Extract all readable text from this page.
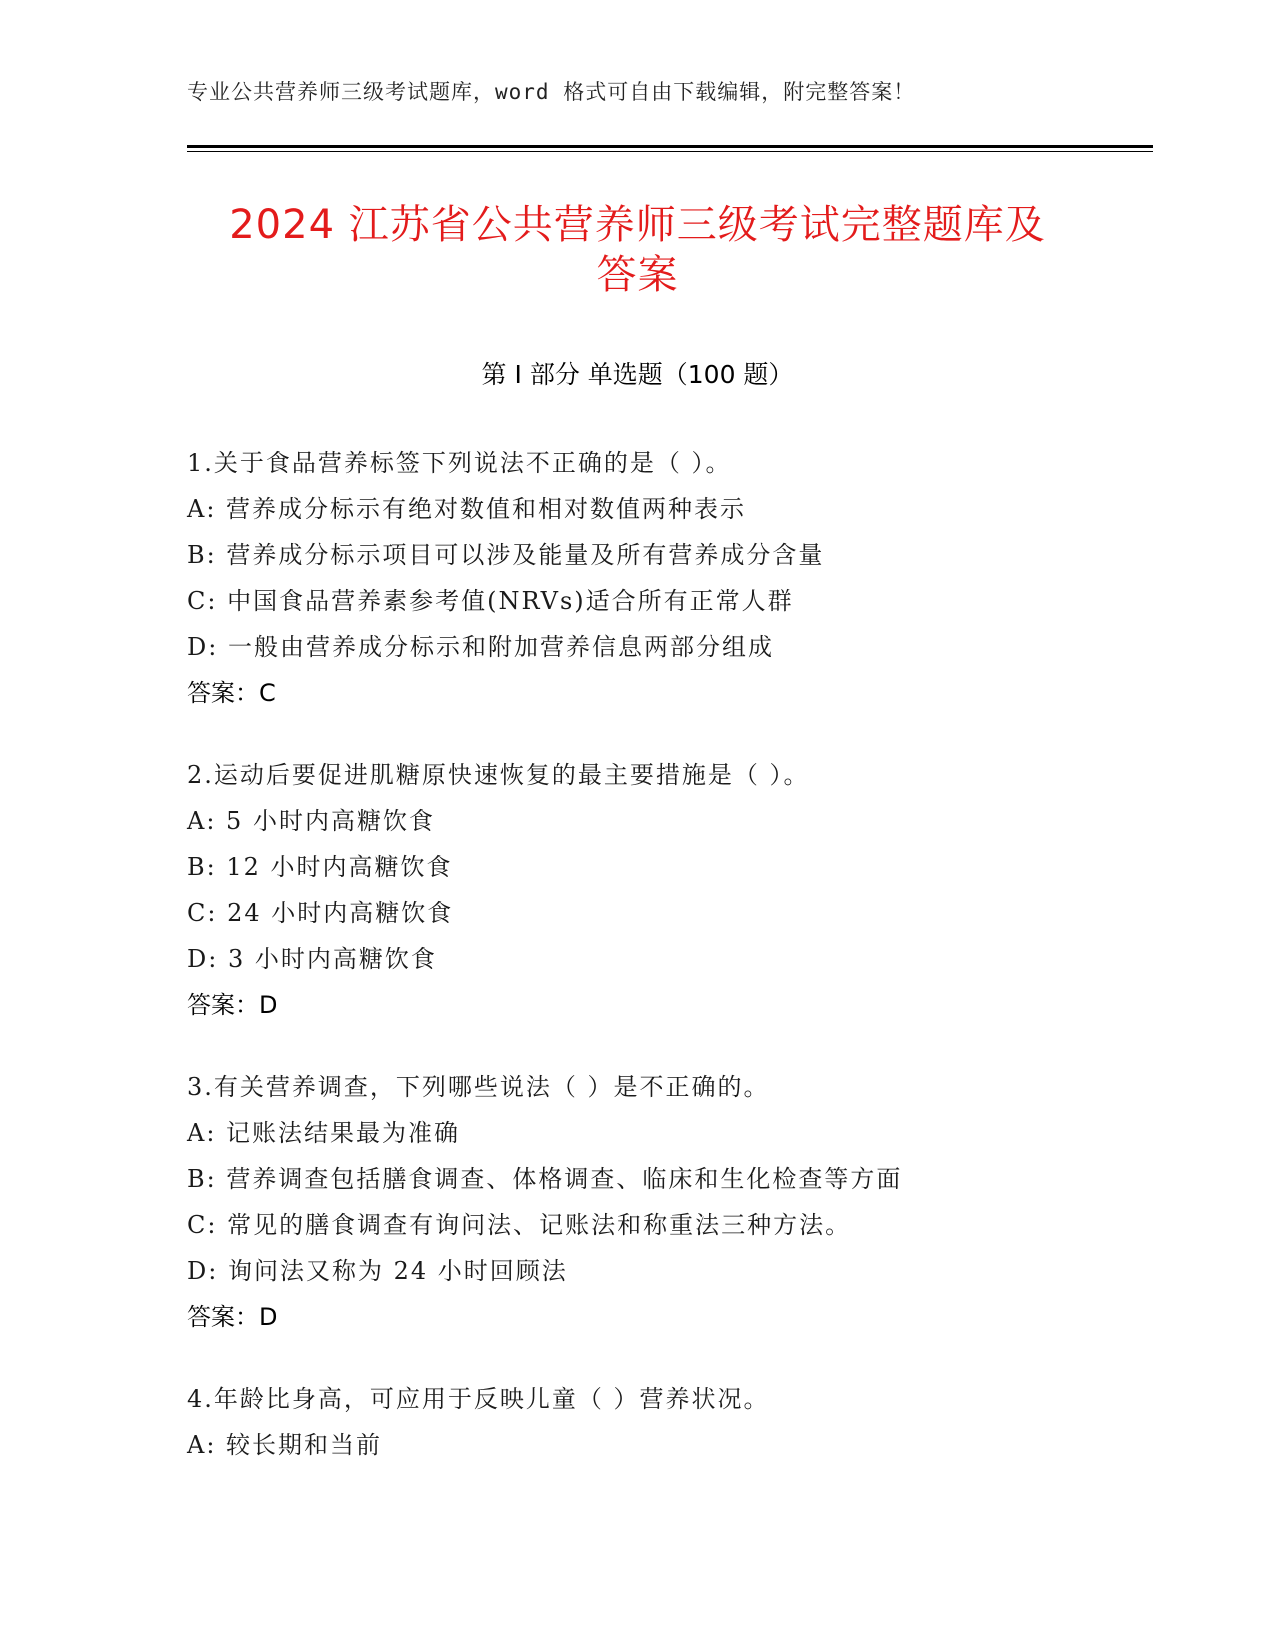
专业公共营养师三级考试题库，word 格式可自由下载编辑，附完整答案！
2024 江苏省公共营养师三级考试完整题库及
答案
第 I 部分 单选题（100 题）
1.关于食品营养标签下列说法不正确的是（ ）。
A: 营养成分标示有绝对数值和相对数值两种表示
B: 营养成分标示项目可以涉及能量及所有营养成分含量
C: 中国食品营养素参考值(NRVs)适合所有正常人群
D: 一般由营养成分标示和附加营养信息两部分组成
答案：C
2.运动后要促进肌糖原快速恢复的最主要措施是（ ）。
A: 5 小时内高糖饮食
B: 12 小时内高糖饮食
C: 24 小时内高糖饮食
D: 3 小时内高糖饮食
答案：D
3.有关营养调查，下列哪些说法（ ）是不正确的。
A: 记账法结果最为准确
B: 营养调查包括膳食调查、体格调查、临床和生化检查等方面
C: 常见的膳食调查有询问法、记账法和称重法三种方法。
D: 询问法又称为 24 小时回顾法
答案：D
4.年龄比身高，可应用于反映儿童（ ）营养状况。
A: 较长期和当前
